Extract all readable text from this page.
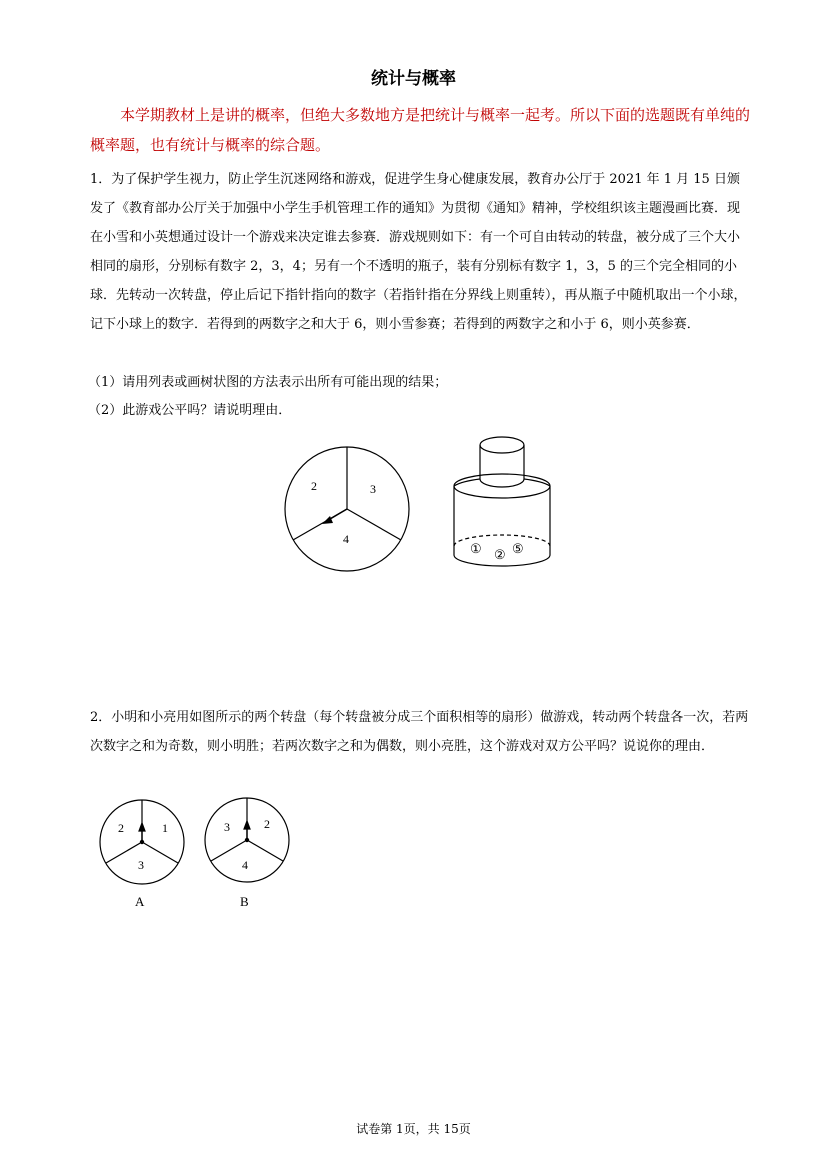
统计与概率

本学期教材上是讲的概率，但绝大多数地方是把统计与概率一起考。所以下面的选题既有单纯的概率题，也有统计与概率的综合题。

1．为了保护学生视力，防止学生沉迷网络和游戏，促进学生身心健康发展，教育办公厅于 2021 年 1 月 15 日颁发了《教育部办公厅关于加强中小学生手机管理工作的通知》为贯彻《通知》精神，学校组织该主题漫画比赛．现在小雪和小英想通过设计一个游戏来决定谁去参赛．游戏规则如下：有一个可自由转动的转盘，被分成了三个大小相同的扇形，分别标有数字 2，3，4；另有一个不透明的瓶子，装有分别标有数字 1，3，5 的三个完全相同的小球．先转动一次转盘，停止后记下指针指向的数字（若指针指在分界线上则重转），再从瓶子中随机取出一个小球，记下小球上的数字．若得到的两数字之和大于 6，则小雪参赛；若得到的两数字之和小于 6，则小英参赛．

（1）请用列表或画树状图的方法表示出所有可能出现的结果；
（2）此游戏公平吗？请说明理由．
2	3
4
① ② ⑤

2．小明和小亮用如图所示的两个转盘（每个转盘被分成三个面积相等的扇形）做游戏，转动两个转盘各一次，若两次数字之和为奇数，则小明胜；若两次数字之和为偶数，则小亮胜，这个游戏对双方公平吗？说说你的理由．

2	1
3
A
3	2
4
B
试卷第 1页，共 15页
